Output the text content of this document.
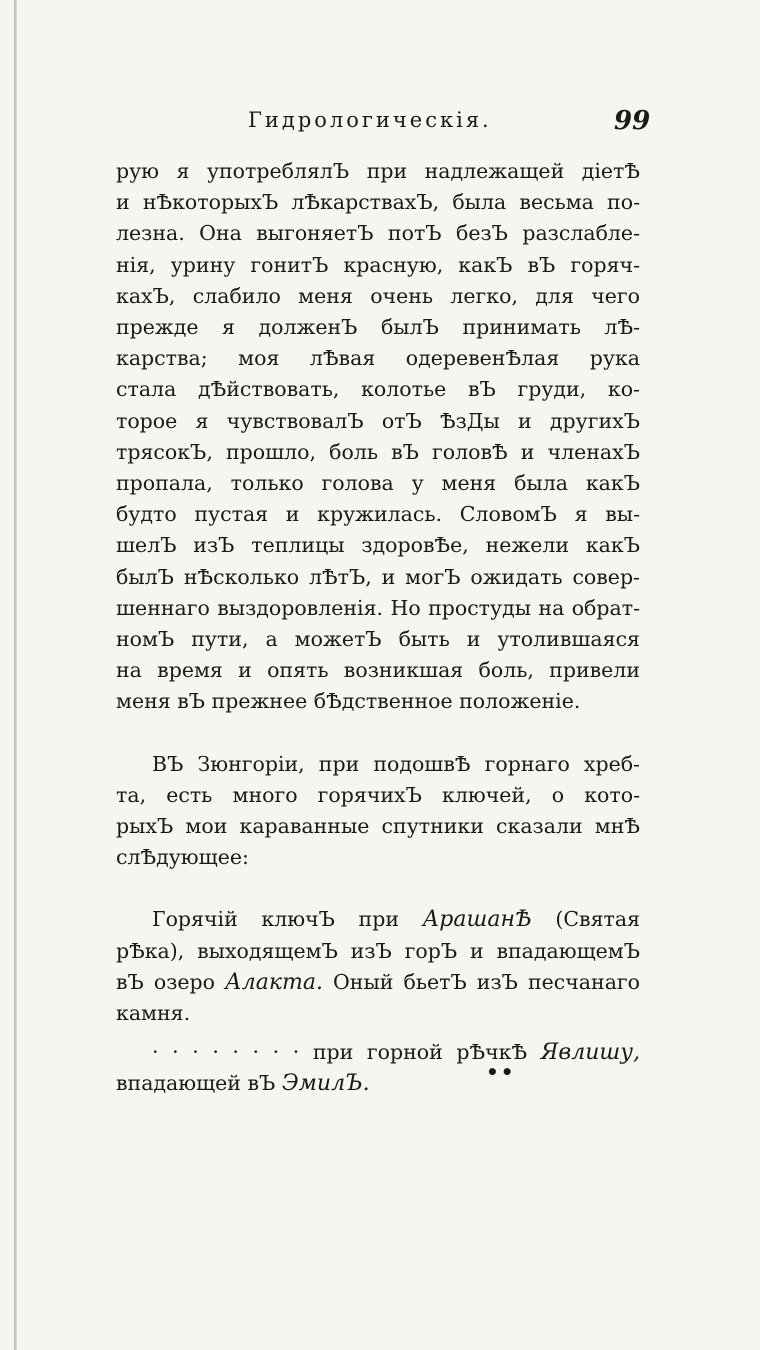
Гидрологическія.	99

рую я употреблялЪ при надлежащей діетѢ
и нѢкоторыхЪ лѢкарствахЪ, была весьма по-
лезна. Она выгоняетЪ потЪ безЪ разслабле-
нія, урину гонитЪ красную, какЪ вЪ горяч-
кахЪ, слабило меня очень легко, для чего
прежде я долженЪ былЪ принимать лѢ-
карства; моя лѢвая одеревенѢлая рука
стала дѢйствовать, колотье вЪ груди, ко-
торое я чувствовалЪ отЪ ѢзДы и другихЪ
трясокЪ, прошло, боль вЪ головѢ и членахЪ
пропала, только голова у меня была какЪ
будто пустая и кружилась. СловомЪ я вы-
шелЪ изЪ теплицы здоровѢе, нежели какЪ
былЪ нѢсколько лѢтЪ, и могЪ ожидать совер-
шеннаго выздоровленія. Но простуды на обрат-
номЪ пути, а можетЪ быть и утолившаяся
на время и опять возникшая боль, привели
меня вЪ прежнее бѢдственное положеніе.

ВЪ Зюнгоріи, при подошвѢ горнаго хреб-
та, есть много горячихЪ ключей, о кото-
рыхЪ мои караванные спутники сказали мнѢ
слѢдующее:

Горячій ключЪ при АрашанѢ (Святая
рѢка), выходящемЪ изЪ горЪ и впадающемЪ
вЪ озеро Алакта. Оный бьетЪ изЪ песчанаго
камня.

· · · · · · · · при горной рѢчкѢ Явлишу,
впадающей вЪ ЭмилЪ.	••
